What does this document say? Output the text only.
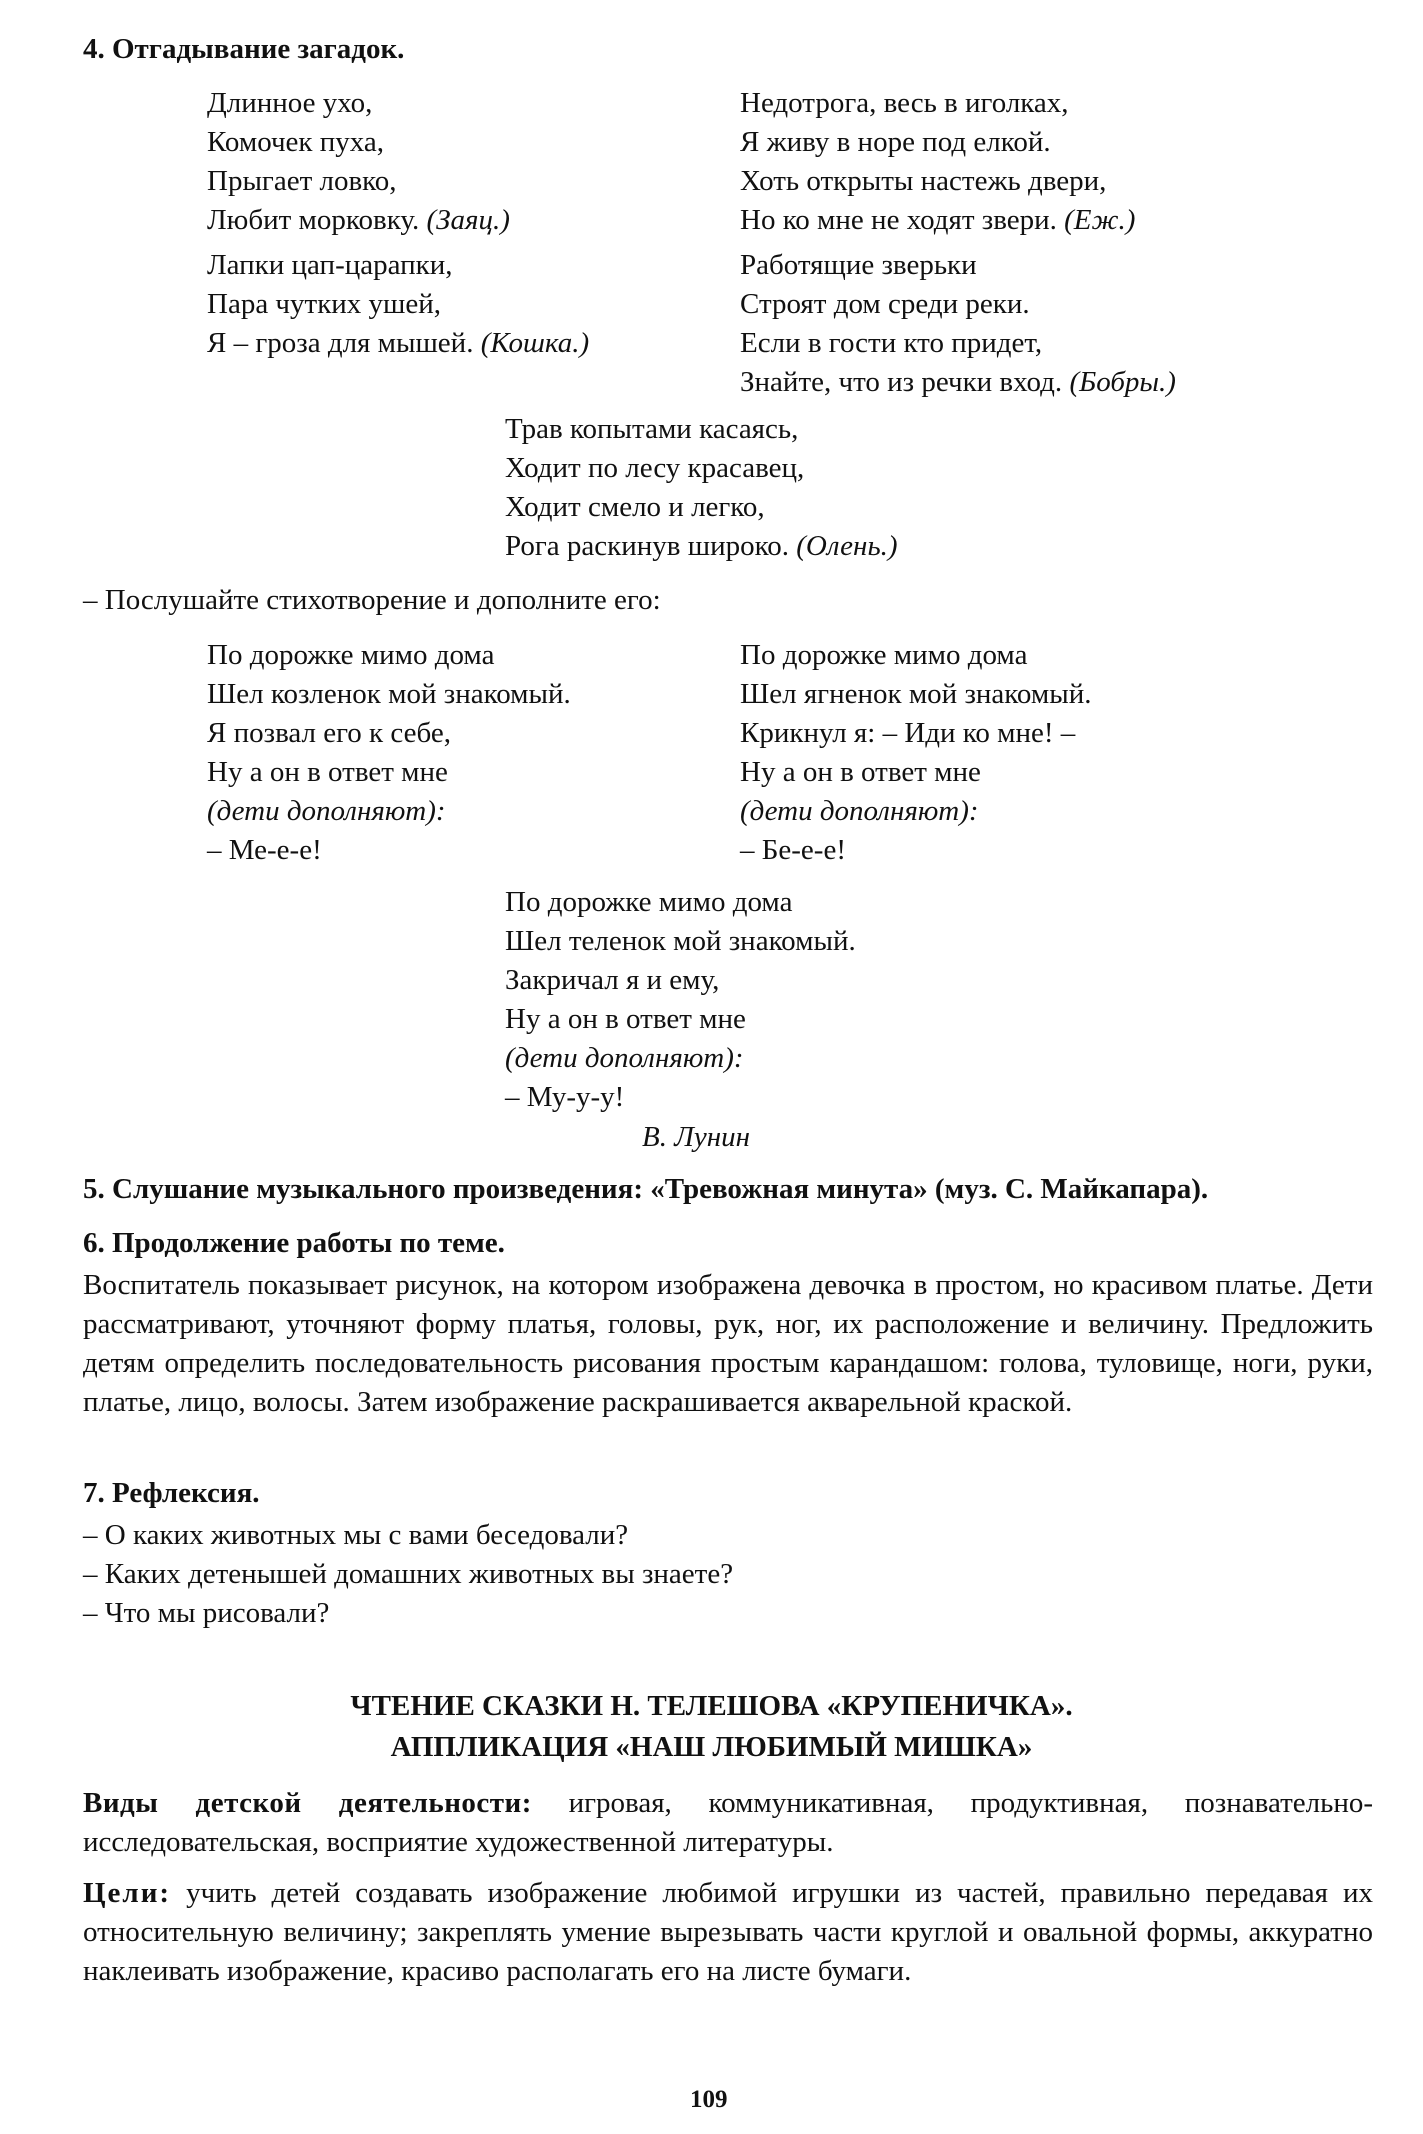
4. Отгадывание загадок.
Длинное ухо,
Комочек пуха,
Прыгает ловко,
Любит морковку. (Заяц.)
Недотрога, весь в иголках,
Я живу в норе под елкой.
Хоть открыты настежь двери,
Но ко мне не ходят звери. (Еж.)
Лапки цап-царапки,
Пара чутких ушей,
Я – гроза для мышей. (Кошка.)
Работящие зверьки
Строят дом среди реки.
Если в гости кто придет,
Знайте, что из речки вход. (Бобры.)
Трав копытами касаясь,
Ходит по лесу красавец,
Ходит смело и легко,
Рога раскинув широко. (Олень.)
– Послушайте стихотворение и дополните его:
По дорожке мимо дома
Шел козленок мой знакомый.
Я позвал его к себе,
Ну а он в ответ мне
(дети дополняют):
– Ме-е-е!
По дорожке мимо дома
Шел ягненок мой знакомый.
Крикнул я: – Иди ко мне! –
Ну а он в ответ мне
(дети дополняют):
– Бе-е-е!
По дорожке мимо дома
Шел теленок мой знакомый.
Закричал я и ему,
Ну а он в ответ мне
(дети дополняют):
– Му-у-у!
В. Лунин
5. Слушание музыкального произведения: «Тревожная минута» (муз. С. Майкапара).
6. Продолжение работы по теме.
Воспитатель показывает рисунок, на котором изображена девочка в простом, но красивом платье. Дети рассматривают, уточняют форму платья, головы, рук, ног, их расположение и величину. Предложить детям определить последовательность рисования простым карандашом: голова, туловище, ноги, руки, платье, лицо, волосы. Затем изображение раскрашивается акварельной краской.
7. Рефлексия.
– О каких животных мы с вами беседовали?
– Каких детенышей домашних животных вы знаете?
– Что мы рисовали?
ЧТЕНИЕ СКАЗКИ Н. ТЕЛЕШОВА «КРУПЕНИЧКА».
АППЛИКАЦИЯ «НАШ ЛЮБИМЫЙ МИШКА»
Виды детской деятельности: игровая, коммуникативная, продуктивная, познавательно-исследовательская, восприятие художественной литературы.
Цели: учить детей создавать изображение любимой игрушки из частей, правильно передавая их относительную величину; закреплять умение вырезывать части круглой и овальной формы, аккуратно наклеивать изображение, красиво располагать его на листе бумаги.
109
